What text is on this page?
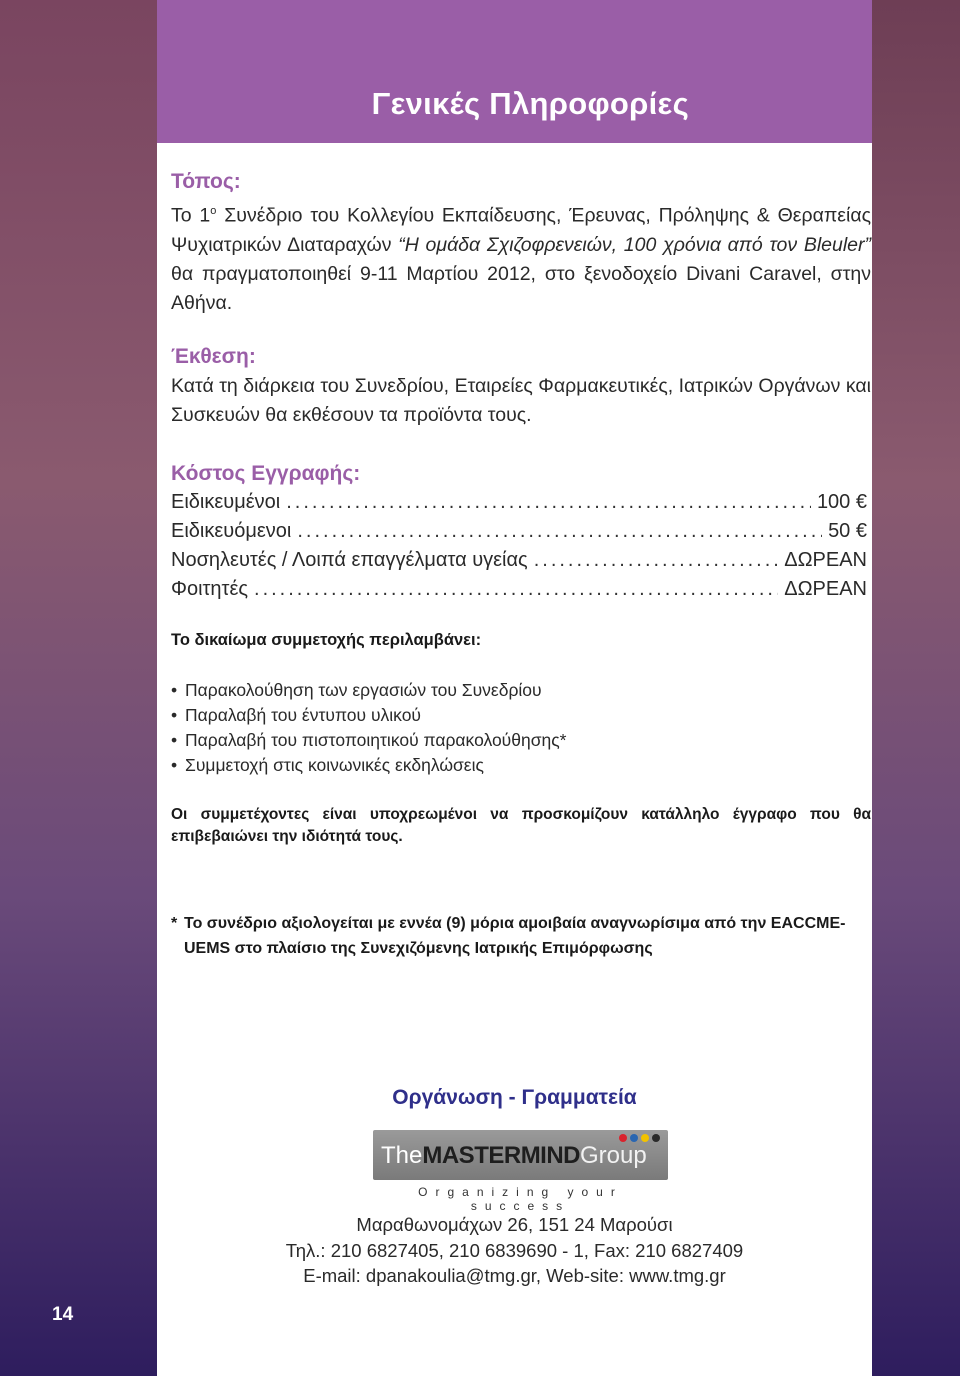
Γενικές Πληροφορίες
Τόπος:
Το $1^o$ Συνέδριο του Κολλεγίου Εκπαίδευσης, Έρευνας, Πρόληψης & Θεραπείας Ψυχιατρικών Διαταραχών “Η ομάδα Σχιζοφρενειών, 100 χρόνια από τον Bleuler” θα πραγματοποιηθεί 9-11 Μαρτίου 2012, στο ξενοδοχείο Divani Caravel, στην Αθήνα.
Έκθεση:
Κατά τη διάρκεια του Συνεδρίου, Εταιρείες Φαρμακευτικές, Ιατρικών Οργάνων και Συσκευών θα εκθέσουν τα προϊόντα τους.
Κόστος Εγγραφής:
Ειδικευμένοι .....	100 €
Ειδικευόμενοι .....	50 €
Νοσηλευτές / Λοιπά επαγγέλματα υγείας .....	ΔΩΡΕΑΝ
Φοιτητές .....	ΔΩΡΕΑΝ
Το δικαίωμα συμμετοχής περιλαμβάνει:
• Παρακολούθηση των εργασιών του Συνεδρίου
• Παραλαβή του έντυπου υλικού
• Παραλαβή του πιστοποιητικού παρακολούθησης*
• Συμμετοχή στις κοινωνικές εκδηλώσεις
Οι συμμετέχοντες είναι υποχρεωμένοι να προσκομίζουν κατάλληλο έγγραφο που θα επιβεβαιώνει την ιδιότητά τους.
* Το συνέδριο αξιολογείται με εννέα (9) μόρια αμοιβαία αναγνωρίσιμα από την EACCME-
UEMS στο πλαίσιο της Συνεχιζόμενης Ιατρικής Επιμόρφωσης
Οργάνωση - Γραμματεία
TheMASTERMINDGroup
Organizing your success
Μαραθωνομάχων 26, 151 24 Μαρούσι
Τηλ.: 210 6827405, 210 6839690 - 1, Fax: 210 6827409
E-mail: dpanakoulia@tmg.gr, Web-site: www.tmg.gr
14
